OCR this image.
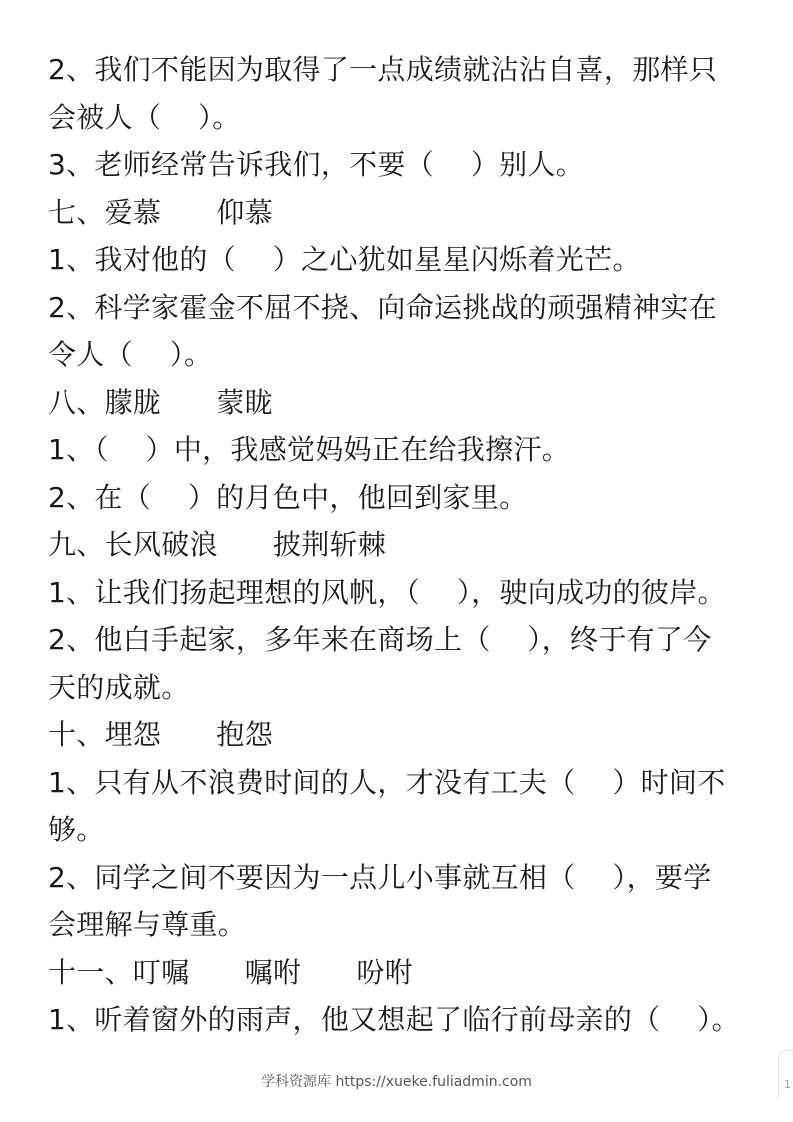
2、我们不能因为取得了一点成绩就沾沾自喜，那样只
会被人（    ）。
3、老师经常告诉我们，不要（    ）别人。
七、爱慕      仰慕
1、我对他的（    ）之心犹如星星闪烁着光芒。
2、科学家霍金不屈不挠、向命运挑战的顽强精神实在
令人（    ）。
八、朦胧      蒙眬
1、（    ）中，我感觉妈妈正在给我擦汗。
2、在（    ）的月色中，他回到家里。
九、长风破浪      披荆斩棘
1、让我们扬起理想的风帆，（    ），驶向成功的彼岸。
2、他白手起家，多年来在商场上（    ），终于有了今
天的成就。
十、埋怨      抱怨
1、只有从不浪费时间的人，才没有工夫（    ）时间不
够。
2、同学之间不要因为一点儿小事就互相（    ），要学
会理解与尊重。
十一、叮嘱      嘱咐      吩咐
1、听着窗外的雨声，他又想起了临行前母亲的（    ）。
学科资源库 https://xueke.fuliadmin.com	1
